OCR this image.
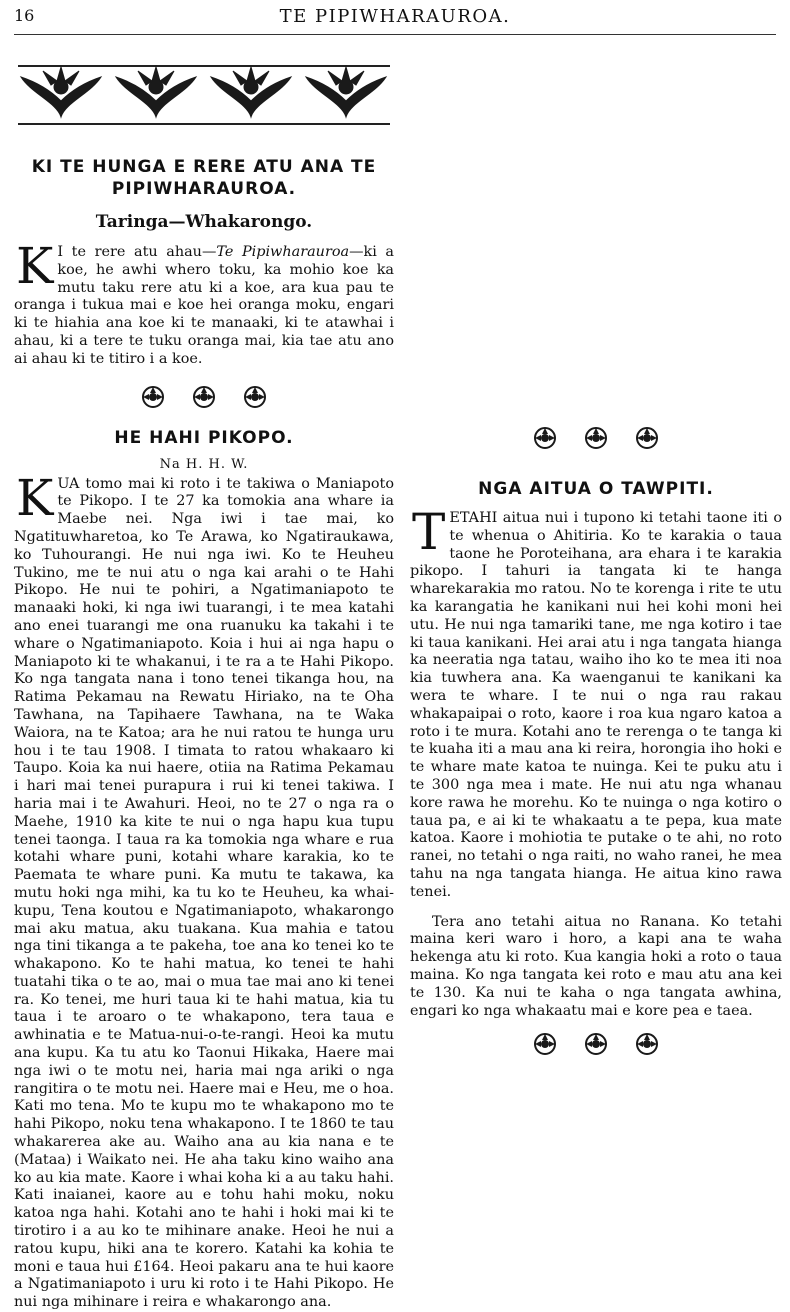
16	TE PIPIWHARAUROA.
KI TE HUNGA E RERE ATU ANA TE PIPIWHARAUROA.
Taringa—Whakarongo.
K I te rere atu ahau—Te Pipiwharauroa—ki a koe, he awhi whero toku, ka mohio koe ka mutu taku rere atu ki a koe, ara kua pau te oranga i tukua mai e koe hei oranga moku, engari ki te hiahia ana koe ki te manaaki, ki te atawhai i ahau, ki a tere te tuku oranga mai, kia tae atu ano ai ahau ki te titiro i a koe.

HE HAHI PIKOPO.
Na H. H. W.
K UA tomo mai ki roto i te takiwa o Maniapoto te Pikopo. I te 27 ka tomokia ana whare ia Maebe nei. Nga iwi i tae mai, ko Ngatituwharetoa, ko Te Arawa, ko Ngatiraukawa, ko Tuhourangi. He nui nga iwi. Ko te Heuheu Tukino, me te nui atu o nga kai arahi o te Hahi Pikopo. He nui te pohiri, a Ngatimaniapoto te manaaki hoki, ki nga iwi tuarangi, i te mea katahi ano enei tuarangi me ona ruanuku ka takahi i te whare o Ngatimaniapoto. Koia i hui ai nga hapu o Maniapoto ki te whakanui, i te ra a te Hahi Pikopo. Ko nga tangata nana i tono tenei tikanga hou, na Ratima Pekamau na Rewatu Hiriako, na te Oha Tawhana, na Tapihaere Tawhana, na te Waka Waiora, na te Katoa; ara he nui ratou te hunga uru hou i te tau 1908. I timata to ratou whakaaro ki Taupo. Koia ka nui haere, otiia na Ratima Pekamau i hari mai tenei purapura i rui ki tenei takiwa. I haria mai i te Awahuri. Heoi, no te 27 o nga ra o Maehe, 1910 ka kite te nui o nga hapu kua tupu tenei taonga. I taua ra ka tomokia nga whare e rua kotahi whare puni, kotahi whare karakia, ko te Paemata te whare puni. Ka mutu te takawa, ka mutu hoki nga mihi, ka tu ko te Heuheu, ka whai-kupu, Tena koutou e Ngatimaniapoto, whakarongo mai aku matua, aku tuakana. Kua mahia e tatou nga tini tikanga a te pakeha, toe ana ko tenei ko te whakapono. Ko te hahi matua, ko tenei te hahi tuatahi tika o te ao, mai o mua tae mai ano ki tenei ra. Ko tenei, me huri taua ki te hahi matua, kia tu taua i te aroaro o te whakapono, tera taua e awhinatia e te Matua-nui-o-te-rangi. Heoi ka mutu ana kupu. Ka tu atu ko Taonui Hikaka, Haere mai nga iwi o te motu nei, haria mai nga ariki o nga rangitira o te motu nei. Haere mai e Heu, me o hoa. Kati mo tena. Mo te kupu mo te whakapono mo te hahi Pikopo, noku tena whakapono. I te 1860 te tau whakarerea ake au. Waiho ana au kia nana e te (Mataa) i Waikato nei. He aha taku kino waiho ana ko au kia mate. Kaore i whai koha ki a au taku hahi. Kati inaianei, kaore au e tohu hahi moku, noku katoa nga hahi. Kotahi ano te hahi i hoki mai ki te tirotiro i a au ko te mihinare anake. Heoi he nui a ratou kupu, hiki ana te korero. Katahi ka kohia te moni e taua hui £164. Heoi pakaru ana te hui kaore a Ngatimaniapoto i uru ki roto i te Hahi Pikopo. He nui nga mihinare i reira e whakarongo ana.

NGA AITUA O TAWPITI.
T ETAHI aitua nui i tupono ki tetahi taone iti o te whenua o Ahitiria. Ko te karakia o taua taone he Poroteihana, ara ehara i te karakia pikopo. I tahuri ia tangata ki te hanga wharekarakia mo ratou. No te korenga i rite te utu ka karangatia he kanikani nui hei kohi moni hei utu. He nui nga tamariki tane, me nga kotiro i tae ki taua kanikani. Hei arai atu i nga tangata hianga ka neeratia nga tatau, waiho iho ko te mea iti noa kia tuwhera ana. Ka waenganui te kanikani ka wera te whare. I te nui o nga rau rakau whakapaipai o roto, kaore i roa kua ngaro katoa a roto i te mura. Kotahi ano te rerenga o te tanga ki te kuaha iti a mau ana ki reira, horongia iho hoki e te whare mate katoa te nuinga. Kei te puku atu i te 300 nga mea i mate. He nui atu nga whanau kore rawa he morehu. Ko te nuinga o nga kotiro o taua pa, e ai ki te whakaatu a te pepa, kua mate katoa. Kaore i mohiotia te putake o te ahi, no roto ranei, no tetahi o nga raiti, no waho ranei, he mea tahu na nga tangata hianga. He aitua kino rawa tenei.

Tera ano tetahi aitua no Ranana. Ko tetahi maina keri waro i horo, a kapi ana te waha hekenga atu ki roto. Kua kangia hoki a roto o taua maina. Ko nga tangata kei roto e mau atu ana kei te 130. Ka nui te kaha o nga tangata awhina, engari ko nga whakaatu mai e kore pea e taea.
